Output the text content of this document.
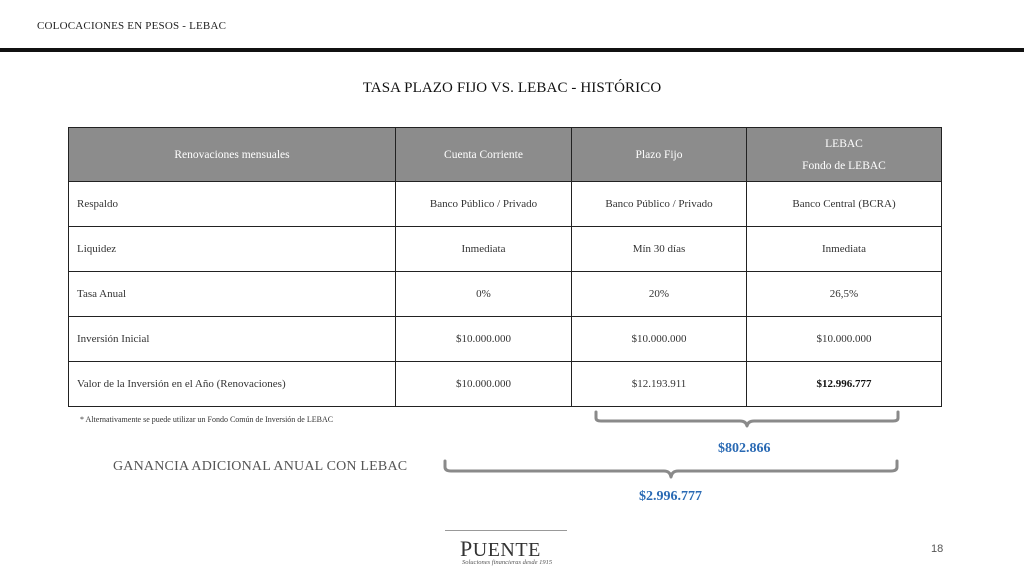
COLOCACIONES EN PESOS - LEBAC
TASA PLAZO FIJO VS. LEBAC - HISTÓRICO
Renovaciones mensuales	Cuenta Corriente	Plazo Fijo	LEBAC
Fondo de LEBAC

Respaldo	Banco Público / Privado	Banco Público / Privado	Banco Central (BCRA)
Liquidez	Inmediata	Mín 30 días	Inmediata
Tasa Anual	0%	20%	26,5%
Inversión Inicial	$10.000.000	$10.000.000	$10.000.000
Valor de la Inversión en el Año (Renovaciones)	$10.000.000	$12.193.911	$12.996.777
* Alternativamente se puede utilizar un Fondo Común de Inversión de LEBAC
$802.866
GANANCIA ADICIONAL ANUAL CON LEBAC
$2.996.777
PUENTE
Soluciones financieras desde 1915
18
